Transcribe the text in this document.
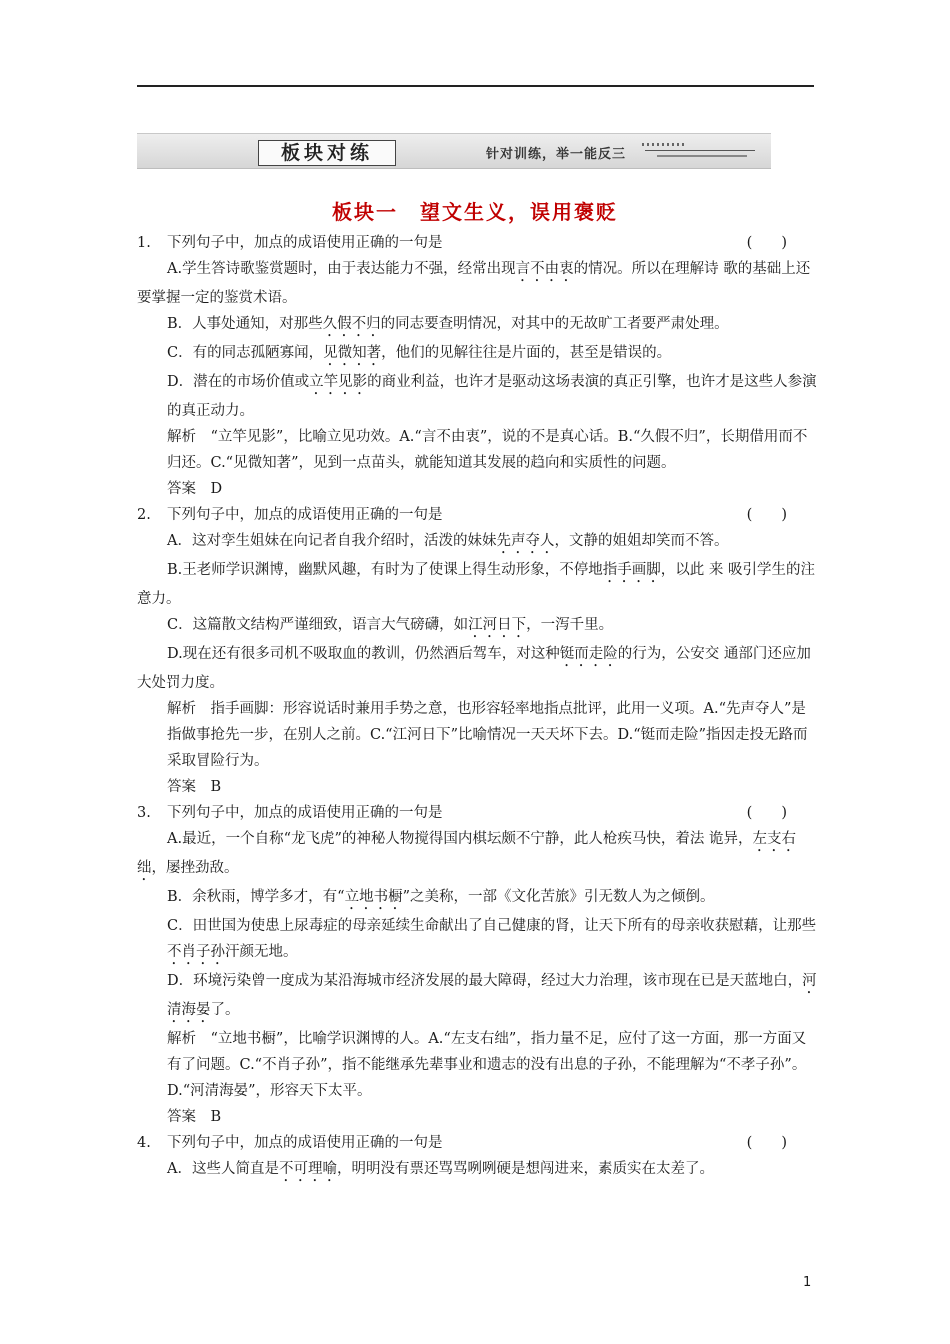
板块对练	针对训练，举一能反三
板块一　望文生义，误用褒贬
1. 下列句子中，加点的成语使用正确的一句是	(　　)
A.学生答诗歌鉴赏题时，由于表达能力不强，经常出现言不由衷的情况。所以在理解诗 歌的基础上还要掌握一定的鉴赏术语。
B．人事处通知，对那些久假不归的同志要查明情况，对其中的无故旷工者要严肃处理。
C．有的同志孤陋寡闻，见微知著，他们的见解往往是片面的，甚至是错误的。
D．潜在的市场价值或立竿见影的商业利益，也许才是驱动这场表演的真正引擎，也许才是这些人参演的真正动力。
解析　“立竿见影”，比喻立见功效。A.“言不由衷”，说的不是真心话。B.“久假不归”，长期借用而不归还。C.“见微知著”，见到一点苗头，就能知道其发展的趋向和实质性的问题。
答案　D
2. 下列句子中，加点的成语使用正确的一句是	(　　)
A．这对孪生姐妹在向记者自我介绍时，活泼的妹妹先声夺人，文静的姐姐却笑而不答。
B.王老师学识渊博，幽默风趣，有时为了使课上得生动形象，不停地指手画脚，以此 来 吸引学生的注意力。
C．这篇散文结构严谨细致，语言大气磅礴，如江河日下，一泻千里。
D.现在还有很多司机不吸取血的教训，仍然酒后驾车，对这种铤而走险的行为，公安交 通部门还应加大处罚力度。
解析　指手画脚：形容说话时兼用手势之意，也形容轻率地指点批评，此用一义项。A.“先声夺人”是指做事抢先一步，在别人之前。C.“江河日下”比喻情况一天天坏下去。D.“铤而走险”指因走投无路而采取冒险行为。
答案　B
3. 下列句子中，加点的成语使用正确的一句是	(　　)
A.最近，一个自称“龙飞虎”的神秘人物搅得国内棋坛颇不宁静，此人枪疾马快，着法 诡异，左支右绌，屡挫劲敌。
B．余秋雨，博学多才，有“立地书橱”之美称，一部《文化苦旅》引无数人为之倾倒。
C．田世国为使患上尿毒症的母亲延续生命献出了自己健康的肾，让天下所有的母亲收获慰藉，让那些不肖子孙汗颜无地。
D．环境污染曾一度成为某沿海城市经济发展的最大障碍，经过大力治理，该市现在已是天蓝地白，河清海晏了。
解析　“立地书橱”，比喻学识渊博的人。A.“左支右绌”，指力量不足，应付了这一方面，那一方面又有了问题。C.“不肖子孙”，指不能继承先辈事业和遗志的没有出息的子孙，不能理解为“不孝子孙”。D.“河清海晏”，形容天下太平。
答案　B
4. 下列句子中，加点的成语使用正确的一句是	(　　)
A．这些人简直是不可理喻，明明没有票还骂骂咧咧硬是想闯进来，素质实在太差了。
1
